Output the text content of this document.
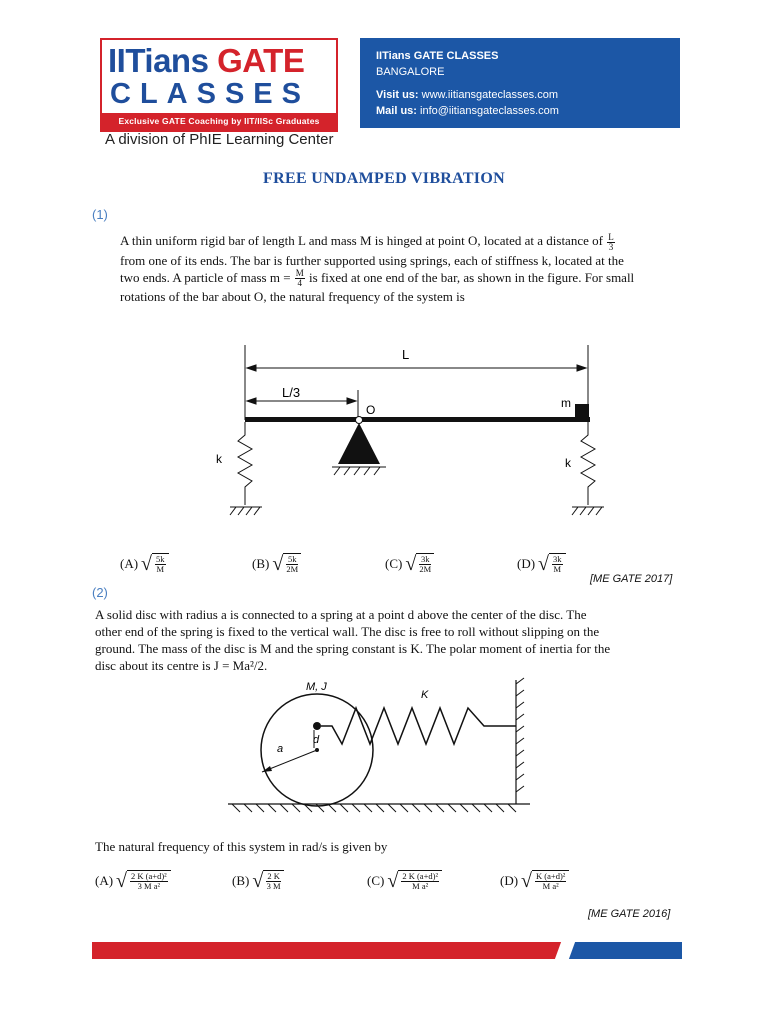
IITians GATE
CLASSES
Exclusive GATE Coaching by IIT/IISc Graduates
A division of PhIE Learning Center
IITians GATE CLASSES
BANGALORE
Visit us: www.iitiansgateclasses.com
Mail us: info@iitiansgateclasses.com
FREE UNDAMPED VIBRATION
(1)
A thin uniform rigid bar of length L and mass M is hinged at point O, located at a distance of $\frac{L}{3}$
from one of its ends. The bar is further supported using springs, each of stiffness k, located at the
two ends. A particle of mass $m = \frac{M}{4}$ is fixed at one end of the bar, as shown in the figure. For small
rotations of the bar about O, the natural frequency of the system is
L
L/3
m
O
k	k
(A) √ $\frac{5k}{M}$	(B) √ $\frac{5k}{2M}$	(C) √ $\frac{3k}{2M}$	(D) √ $\frac{3k}{M}$
[ME GATE 2017]
(2)
A solid disc with radius a is connected to a spring at a point d above the center of the disc. The
other end of the spring is fixed to the vertical wall. The disc is free to roll without slipping on the
ground. The mass of the disc is M and the spring constant is K. The polar moment of inertia for the
disc about its centre is J = Ma²/2.
a
d
M, J
K
The natural frequency of this system in rad/s is given by
(A) √ $\frac{\text{2 K (a+d)²}}{\text{3 M a²}}$	(B) √ $\frac{2 K}{3 M}$	(C) √ $\frac{\text{2 K (a+d)²}}{\text{M a²}}$	(D) √ $\frac{\text{K (a+d)²}}{\text{M a²}}$
[ME GATE 2016]
